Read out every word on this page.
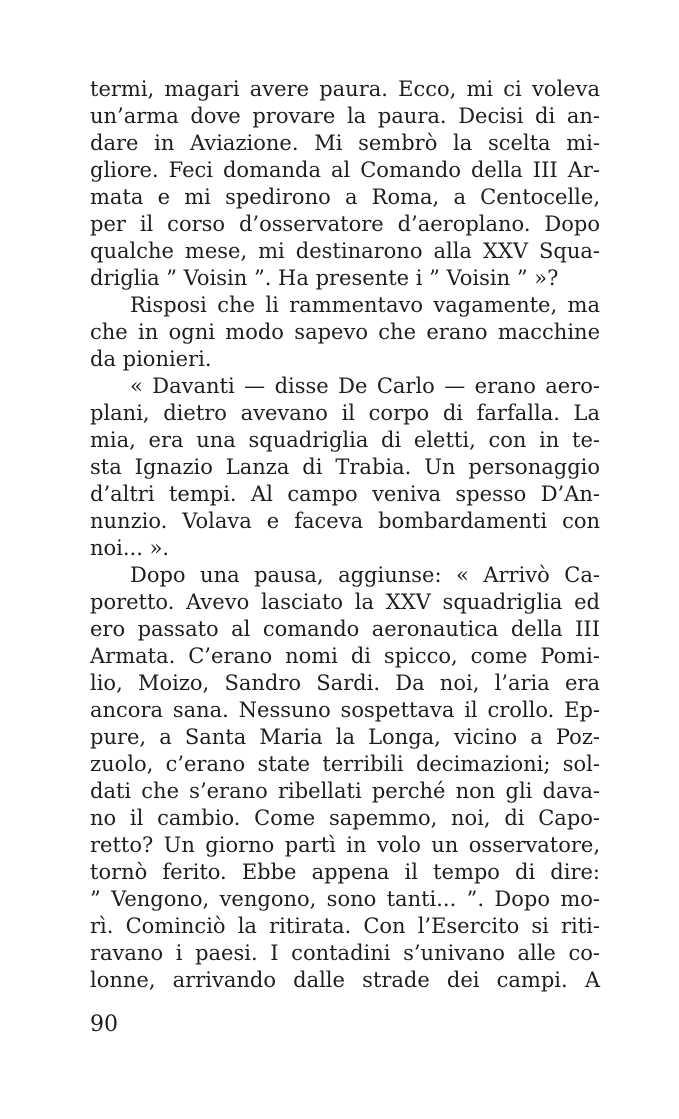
termi, magari avere paura. Ecco, mi ci voleva
un’arma dove provare la paura. Decisi di an-
dare in Aviazione. Mi sembrò la scelta mi-
gliore. Feci domanda al Comando della III Ar-
mata e mi spedirono a Roma, a Centocelle,
per il corso d’osservatore d’aeroplano. Dopo
qualche mese, mi destinarono alla XXV Squa-
driglia ” Voisin ”. Ha presente i ” Voisin ” »?
Risposi che li rammentavo vagamente, ma
che in ogni modo sapevo che erano macchine
da pionieri.
« Davanti — disse De Carlo — erano aero-
plani, dietro avevano il corpo di farfalla. La
mia, era una squadriglia di eletti, con in te-
sta Ignazio Lanza di Trabia. Un personaggio
d’altri tempi. Al campo veniva spesso D’An-
nunzio. Volava e faceva bombardamenti con
noi... ».
Dopo una pausa, aggiunse: « Arrivò Ca-
poretto. Avevo lasciato la XXV squadriglia ed
ero passato al comando aeronautica della III
Armata. C’erano nomi di spicco, come Pomi-
lio, Moizo, Sandro Sardi. Da noi, l’aria era
ancora sana. Nessuno sospettava il crollo. Ep-
pure, a Santa Maria la Longa, vicino a Poz-
zuolo, c’erano state terribili decimazioni; sol-
dati che s’erano ribellati perché non gli dava-
no il cambio. Come sapemmo, noi, di Capo-
retto? Un giorno partì in volo un osservatore,
tornò ferito. Ebbe appena il tempo di dire:
” Vengono, vengono, sono tanti... ”. Dopo mo-
rì. Cominciò la ritirata. Con l’Esercito si riti-
ravano i paesi. I contadini s’univano alle co-
lonne, arrivando dalle strade dei campi. A
90
